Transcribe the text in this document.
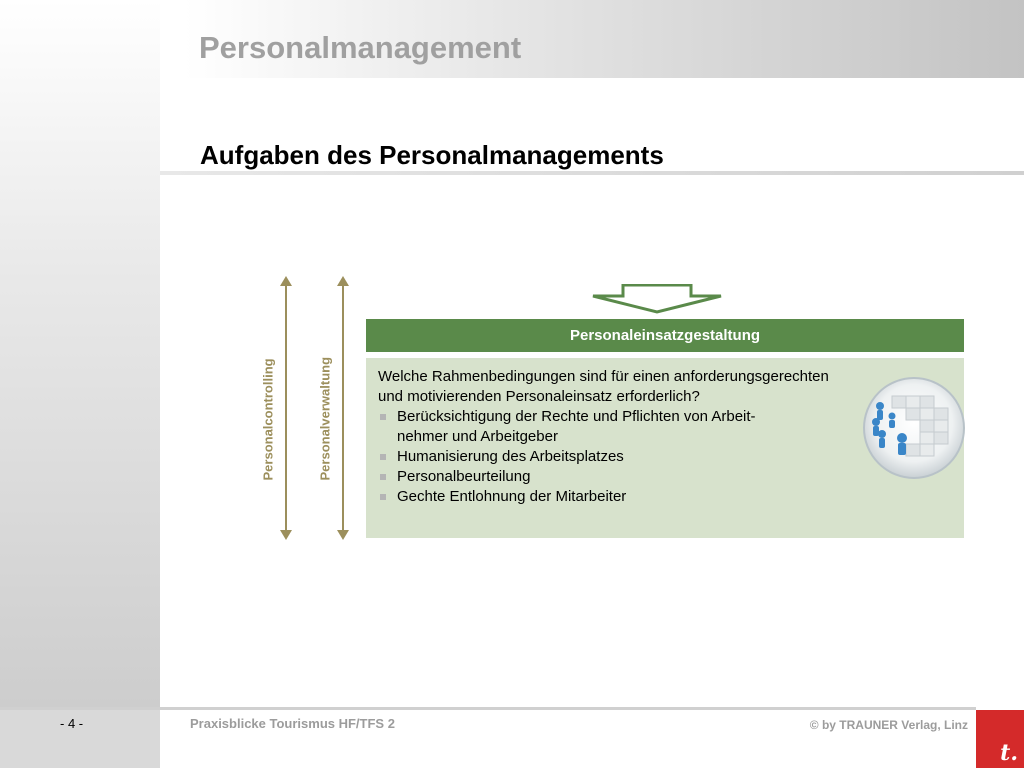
Personalmanagement
Aufgaben des Personalmanagements
Personalcontrolling	Personalverwaltung
Personaleinsatzgestaltung

Welche Rahmenbedingungen sind für einen anforderungsgerechten
und motivierenden Personaleinsatz erforderlich?

Berücksichtigung der Rechte und Pflichten von Arbeit-
nehmer und Arbeitgeber
Humanisierung des Arbeitsplatzes
Personalbeurteilung
Gechte Entlohnung der Mitarbeiter

- 4 -	Praxisblicke Tourismus HF/TFS 2	© by TRAUNER Verlag, Linz

t.
